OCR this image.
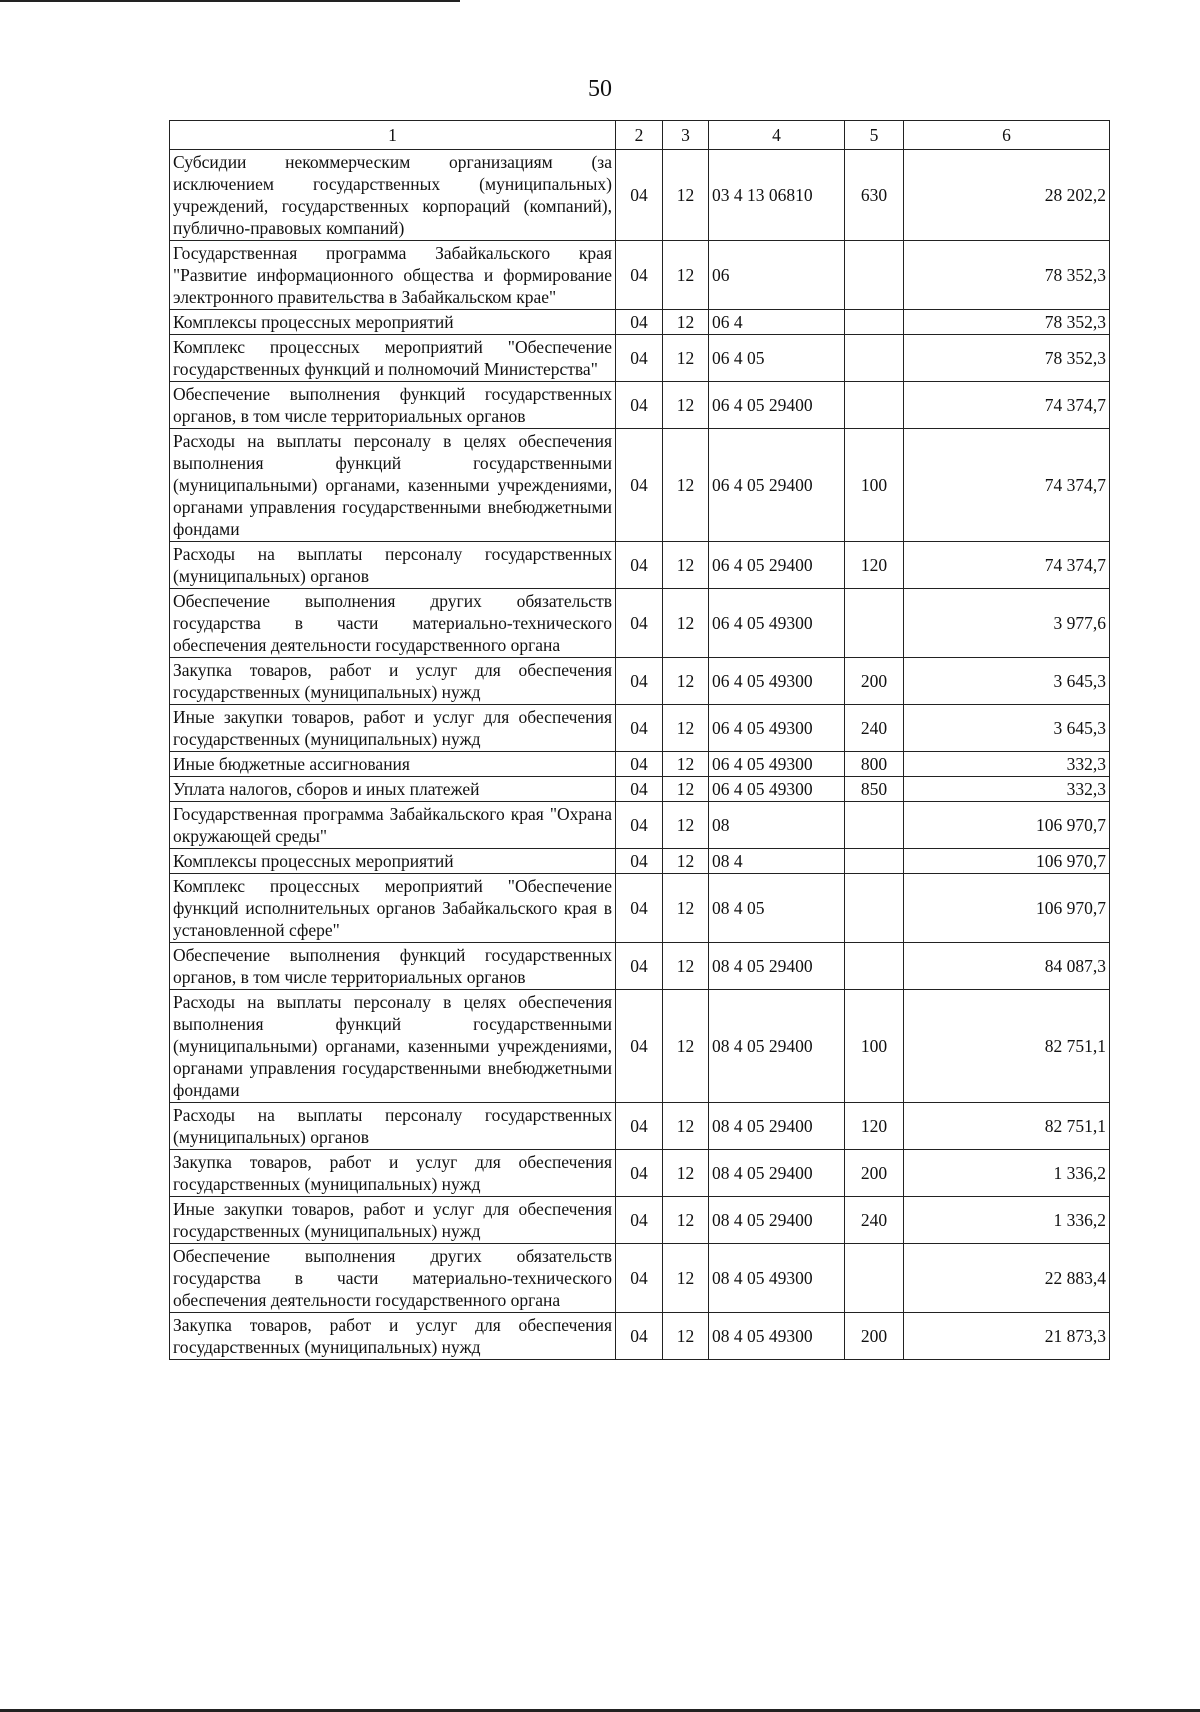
50
1	2	3	4	5	6
Субсидии некоммерческим организациям (за исключением государственных (муниципальных) учреждений, государственных корпораций (компаний), публично-правовых компаний)	04	12	03 4 13 06810	630	28 202,2
Государственная программа Забайкальского края "Развитие информационного общества и формирование электронного правительства в Забайкальском крае"	04	12	06		78 352,3
Комплексы процессных мероприятий	04	12	06 4		78 352,3
Комплекс процессных мероприятий "Обеспечение государственных функций и полномочий Министерства"	04	12	06 4 05		78 352,3
Обеспечение выполнения функций государственных органов, в том числе территориальных органов	04	12	06 4 05 29400		74 374,7
Расходы на выплаты персоналу в целях обеспечения выполнения функций государственными (муниципальными) органами, казенными учреждениями, органами управления государственными внебюджетными фондами	04	12	06 4 05 29400	100	74 374,7
Расходы на выплаты персоналу государственных (муниципальных) органов	04	12	06 4 05 29400	120	74 374,7
Обеспечение выполнения других обязательств государства в части материально-технического обеспечения деятельности государственного органа	04	12	06 4 05 49300		3 977,6
Закупка товаров, работ и услуг для обеспечения государственных (муниципальных) нужд	04	12	06 4 05 49300	200	3 645,3
Иные закупки товаров, работ и услуг для обеспечения государственных (муниципальных) нужд	04	12	06 4 05 49300	240	3 645,3
Иные бюджетные ассигнования	04	12	06 4 05 49300	800	332,3
Уплата налогов, сборов и иных платежей	04	12	06 4 05 49300	850	332,3
Государственная программа Забайкальского края "Охрана окружающей среды"	04	12	08		106 970,7
Комплексы процессных мероприятий	04	12	08 4		106 970,7
Комплекс процессных мероприятий "Обеспечение функций исполнительных органов Забайкальского края в установленной сфере"	04	12	08 4 05		106 970,7
Обеспечение выполнения функций государственных органов, в том числе территориальных органов	04	12	08 4 05 29400		84 087,3
Расходы на выплаты персоналу в целях обеспечения выполнения функций государственными (муниципальными) органами, казенными учреждениями, органами управления государственными внебюджетными фондами	04	12	08 4 05 29400	100	82 751,1
Расходы на выплаты персоналу государственных (муниципальных) органов	04	12	08 4 05 29400	120	82 751,1
Закупка товаров, работ и услуг для обеспечения государственных (муниципальных) нужд	04	12	08 4 05 29400	200	1 336,2
Иные закупки товаров, работ и услуг для обеспечения государственных (муниципальных) нужд	04	12	08 4 05 29400	240	1 336,2
Обеспечение выполнения других обязательств государства в части материально-технического обеспечения деятельности государственного органа	04	12	08 4 05 49300		22 883,4
Закупка товаров, работ и услуг для обеспечения государственных (муниципальных) нужд	04	12	08 4 05 49300	200	21 873,3
